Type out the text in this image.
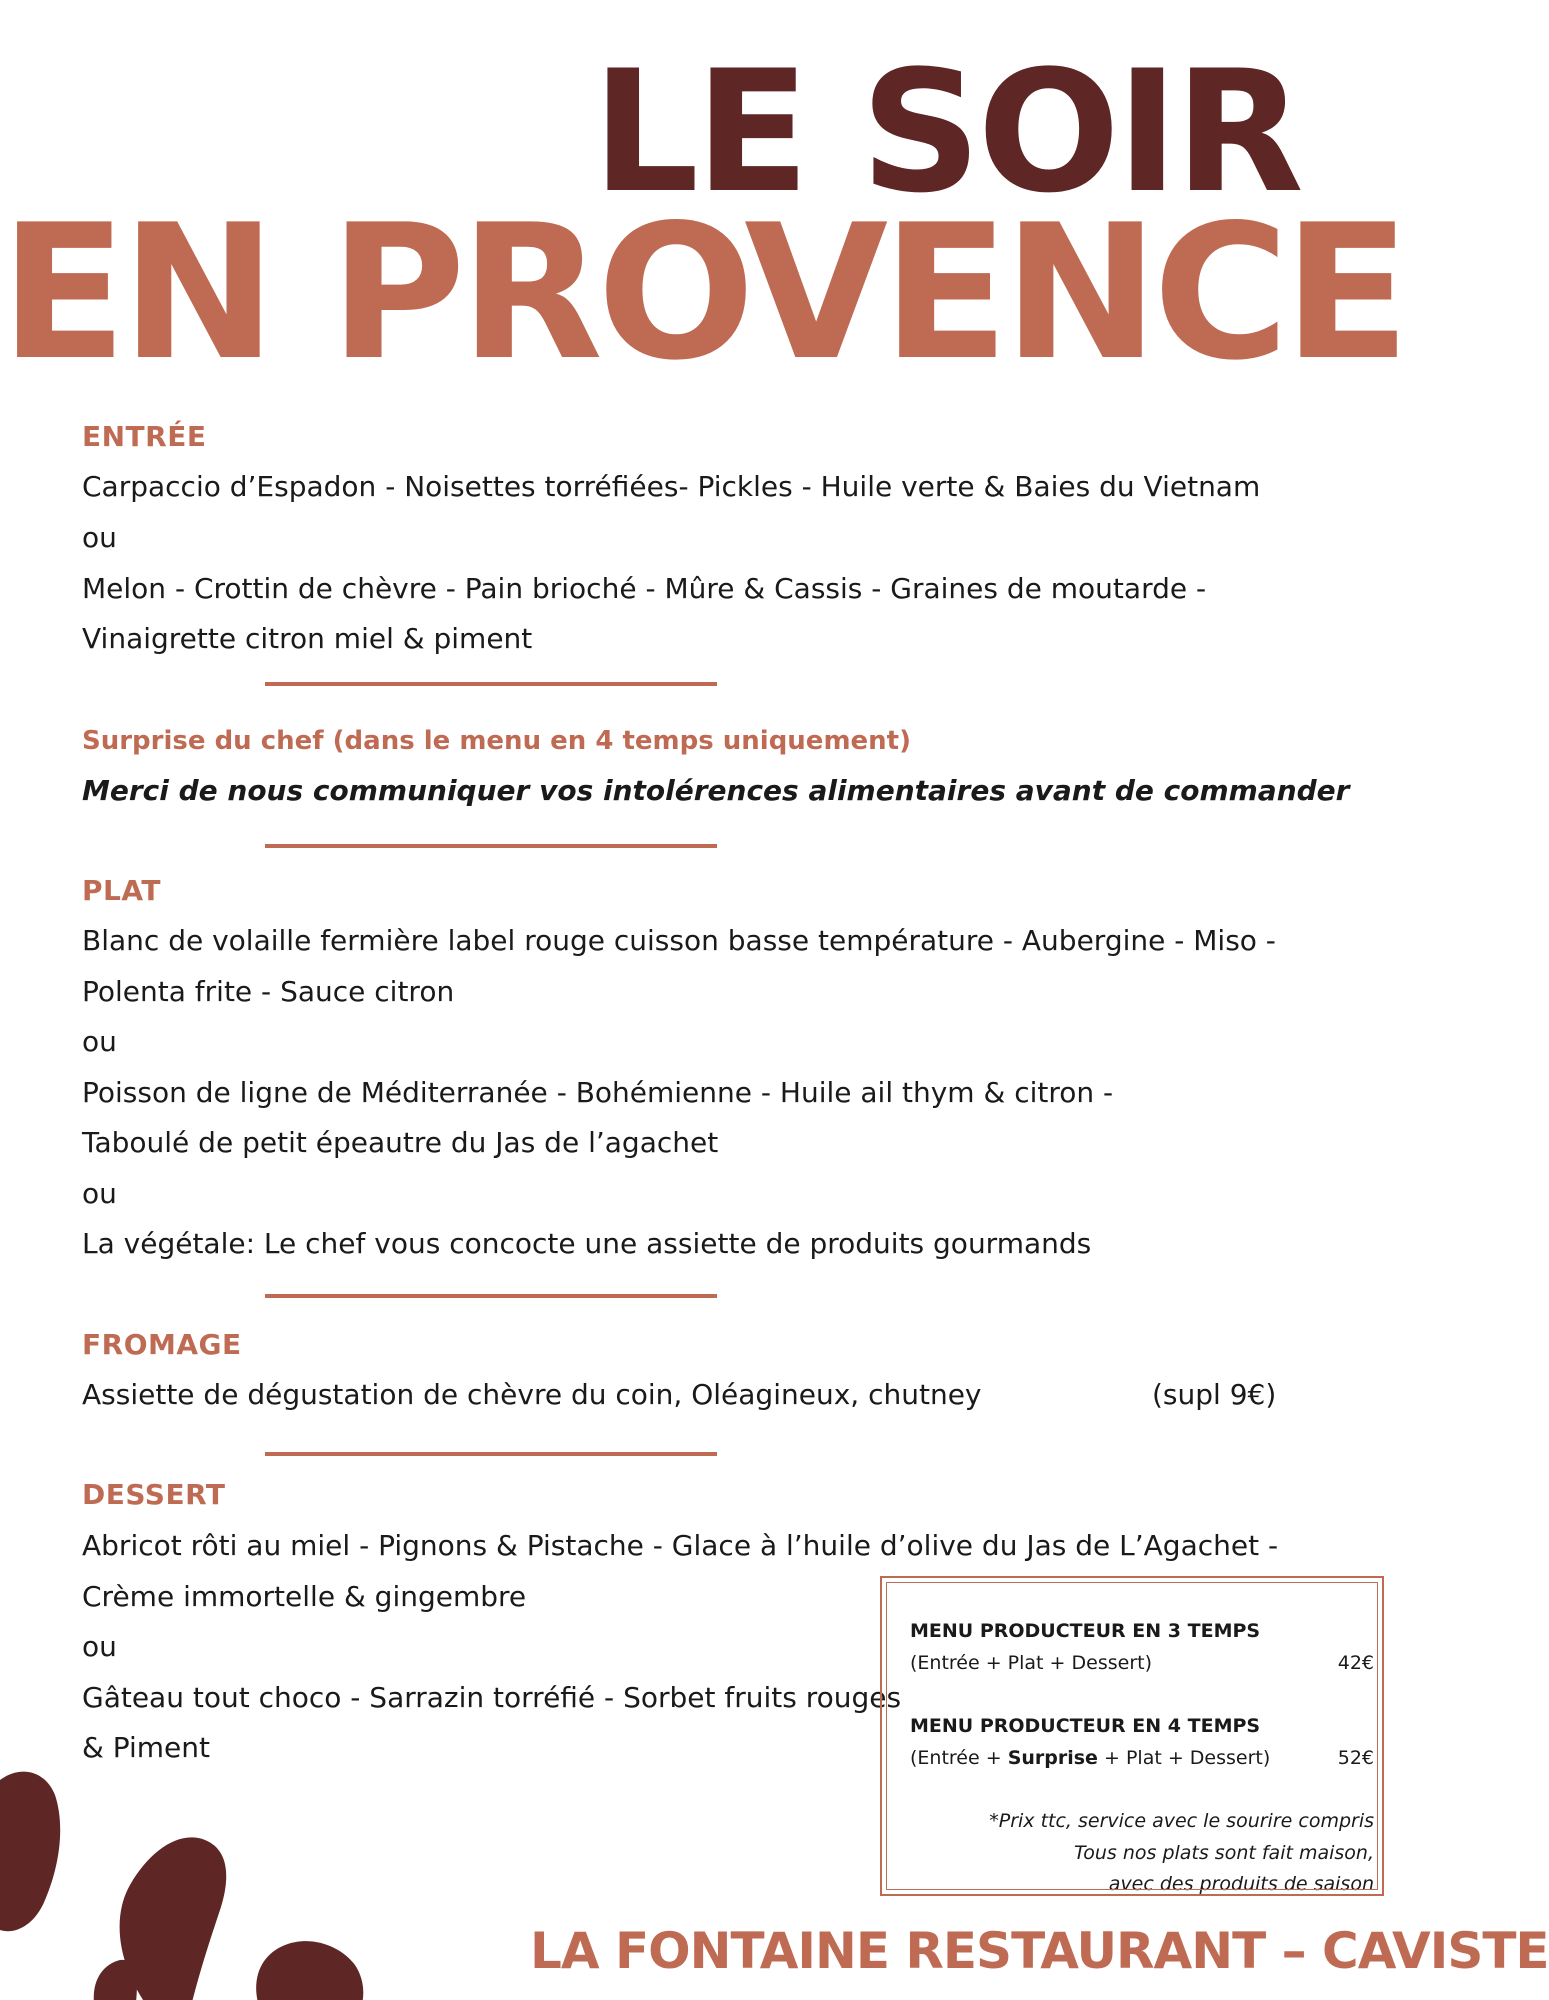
LE SOIR
EN PROVENCE
ENTRÉE
Carpaccio d’Espadon - Noisettes torréfiées- Pickles - Huile verte & Baies du Vietnam
ou
Melon - Crottin de chèvre - Pain brioché - Mûre & Cassis - Graines de moutarde -
Vinaigrette citron miel & piment
Surprise du chef (dans le menu en 4 temps uniquement)
Merci de nous communiquer vos intolérences alimentaires avant de commander
PLAT
Blanc de volaille fermière label rouge cuisson basse température - Aubergine - Miso -
Polenta frite - Sauce citron
ou
Poisson de ligne de Méditerranée - Bohémienne - Huile ail thym & citron -
Taboulé de petit épeautre du Jas de l’agachet
ou
La végétale: Le chef vous concocte une assiette de produits gourmands
FROMAGE
Assiette de dégustation de chèvre du coin, Oléagineux, chutney	(supl 9€)
DESSERT
Abricot rôti au miel - Pignons & Pistache - Glace à l’huile d’olive du Jas de L’Agachet -
Crème immortelle & gingembre
ou
Gâteau tout choco - Sarrazin torréfié - Sorbet fruits rouges
& Piment
MENU PRODUCTEUR EN 3 TEMPS
(Entrée + Plat + Dessert)	42€
MENU PRODUCTEUR EN 4 TEMPS
(Entrée + Surprise + Plat + Dessert)	52€
*Prix ttc, service avec le sourire compris
Tous nos plats sont fait maison,
avec des produits de saison
LA FONTAINE RESTAURANT – CAVISTE
